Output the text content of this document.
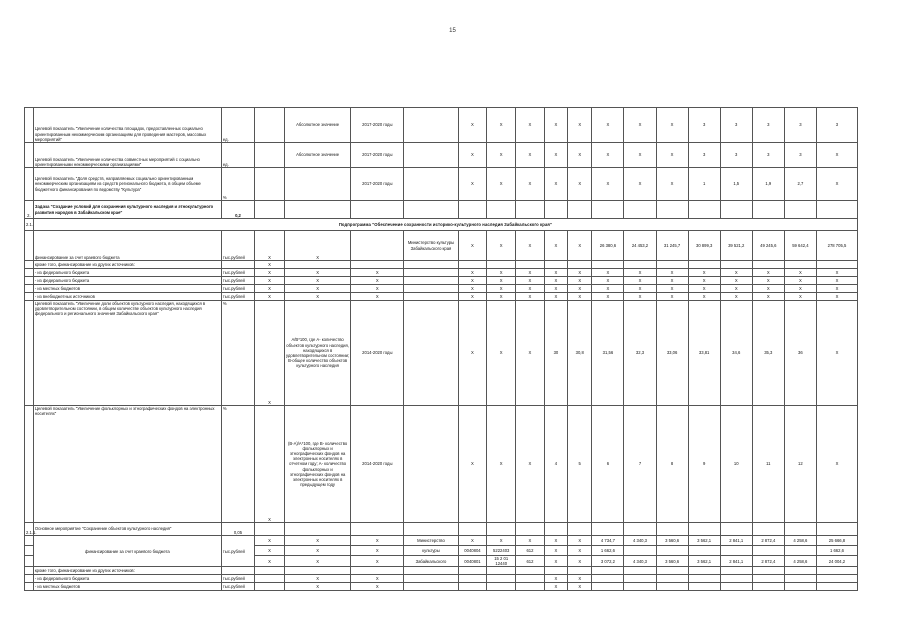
15
	Целевой показатель "Увеличение количества площадок, предоставленных социально ориентированным некоммерческим организациям для проведения мастеров, массовых мероприятий"	ед.		Абсолютное значение	2017-2020 годы		X	X	X	X	X	X	X	X	3	3	3	3	3
	Целевой показатель "Увеличение количества совместных мероприятий с социально ориентированными некоммерческими организациями"	ед.		Абсолютное значение	2017-2020 годы		X	X	X	X	X	X	X	X	3	3	3	3	X
	Целевой показатель "Доля средств, направляемых социально ориентированным некоммерческим организациям из средств регионального бюджета, в общем объеме бюджетного финансирования по ведомству "Культура"	%			2017-2020 годы		X	X	X	X	X	X	X	X	1	1,5	1,9	2,7	X
2.	Задача "Создание условий для сохранения культурного наследия и этнокультурного развития народов в Забайкальском крае"	0,2																	
2.1.	Подпрограмма "Обеспечение сохранности историко-культурного наследия Забайкальского края"																		
	финансирование за счет краевого бюджета	тыс.рублей	X	X		Министерство культуры Забайкальского края	X	X	X	X	X	26 380,6	24 453,2	31 245,7	30 899,3	39 521,2	49 245,6	59 642,4	278 705,5
	кроме того, финансирование из других источников:		X																
	- из федерального бюджета	тыс.рублей	X	X	X		X	X	X	X	X	X	X	X	X	X	X	X	X
	- из федерального бюджета	тыс.рублей	X	X	X		X	X	X	X	X	X	X	X	X	X	X	X	X
	- из местных бюджетов	тыс.рублей	X	X	X		X	X	X	X	X	X	X	X	X	X	X	X	X
	- из внебюджетных источников	тыс.рублей	X	X	X		X	X	X	X	X	X	X	X	X	X	X	X	X
	Целевой показатель "Увеличение доли объектов культурного наследия, находящихся в удовлетворительном состоянии, в общем количестве объектов культурного наследия федерального и регионального значения Забайкальского края"	%	X	A/B*100, где A- количество объектов культурного наследия, находящихся в удовлетворительном состоянии; B-общее количество объектов культурного наследия	2014-2020 годы		X	X	X	30	30,8	31,56	32,3	33,06	33,81	34,6	35,3	36	X
	Целевой показатель "Увеличение фольклорных и этнографических фондов на электронных носителях"	%	X	(B-A)/A*100, где B- количество фольклорных и этнографических фондов на электронных носителях в отчетном году; A- количество фольклорных и этнографических фондов на электронных носителях в предыдущем году	2014-2020 годы		X	X	X	4	5	6	7	8	9	10	11	12	X
2.1.1.	Основное мероприятие "Сохранение объектов культурного наследия"	0,05																	
	финансирование за счет краевого бюджета	тыс.рублей	X	X	X	Министерство	X	X	X	X	X	4 734,7	4 340,3	3 560,6	3 562,1	2 841,1	2 872,4	4 258,6	25 666,8
			X	X	X	культуры	0040804	5222403	612	X	X	1 662,6							1 662,6
			X	X	X	Забайкальского	0040801	15 2 01 12440	612	X	X	3 072,2	4 340,3	3 560,6	3 562,1	2 841,1	2 872,4	4 258,6	24 004,2
	кроме того, финансирование из других источников:																		
	- из федерального бюджета	тыс.рублей		X	X					X	X								
	- из местных бюджетов	тыс.рублей		X	X					X	X								
